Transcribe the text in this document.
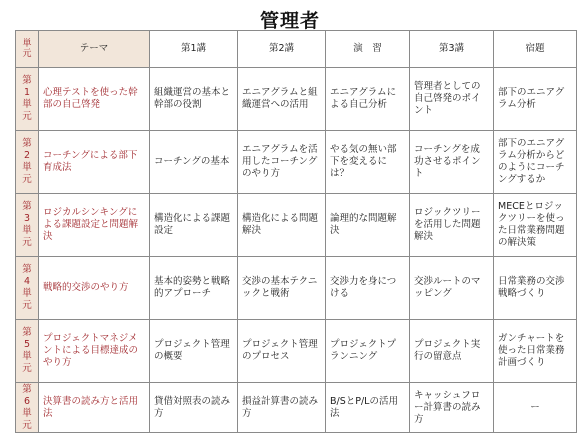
管理者
単
元	テーマ	第1講	第2講	演　習	第3講	宿題

第
1
単
元	心理テストを使った幹部の自己啓発	組織運営の基本と幹部の役割	エニアグラムと組織運営への活用	エニアグラムによる自己分析	管理者としての自己啓発のポイント	部下のエニアグラム分析

第
2
単
元	コーチングによる部下育成法	コーチングの基本	エニアグラムを活用したコーチングのやり方	やる気の無い部下を変えるには？	コーチングを成功させるポイント	部下のエニアグラム分析からどのようにコーチングするか

第
3
単
元	ロジカルシンキングによる課題設定と問題解決	構造化による課題設定	構造化による問題解決	論理的な問題解決	ロジックツリーを活用した問題解決	MECEとロジックツリーを使った日常業務問題の解決策

第
4
単
元	戦略的交渉のやり方	基本的姿勢と戦略的アプローチ	交渉の基本テクニックと戦術	交渉力を身につける	交渉ルートのマッピング	日常業務の交渉戦略づくり

第
5
単
元	プロジェクトマネジメントによる目標達成のやり方	プロジェクト管理の概要	プロジェクト管理のプロセス	プロジェクトプランニング	プロジェクト実行の留意点	ガンチャートを使った日常業務計画づくり

第
6
単
元	決算書の読み方と活用法	貸借対照表の読み方	損益計算書の読み方	B/SとP/Lの活用法	キャッシュフロー計算書の読み方	ー
